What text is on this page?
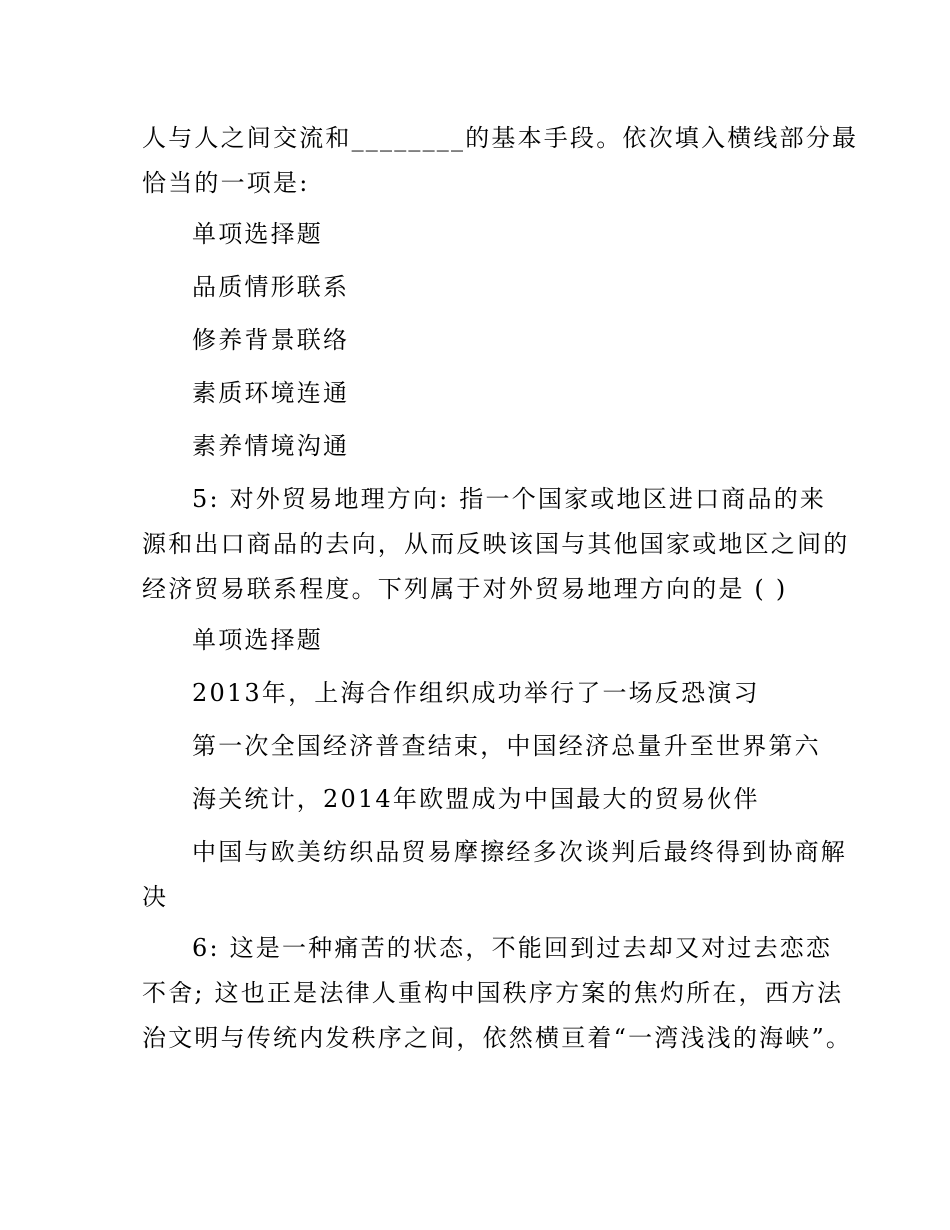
人与人之间交流和________的基本手段。依次填入横线部分最
恰当的一项是:
单项选择题
品质情形联系
修养背景联络
素质环境连通
素养情境沟通
5: 对外贸易地理方向: 指一个国家或地区进口商品的来
源和出口商品的去向，从而反映该国与其他国家或地区之间的
经济贸易联系程度。下列属于对外贸易地理方向的是 ( )
单项选择题
2013年，上海合作组织成功举行了一场反恐演习
第一次全国经济普查结束，中国经济总量升至世界第六
海关统计，2014年欧盟成为中国最大的贸易伙伴
中国与欧美纺织品贸易摩擦经多次谈判后最终得到协商解
决
6: 这是一种痛苦的状态，不能回到过去却又对过去恋恋
不舍; 这也正是法律人重构中国秩序方案的焦灼所在，西方法
治文明与传统内发秩序之间，依然横亘着“一湾浅浅的海峡”。
